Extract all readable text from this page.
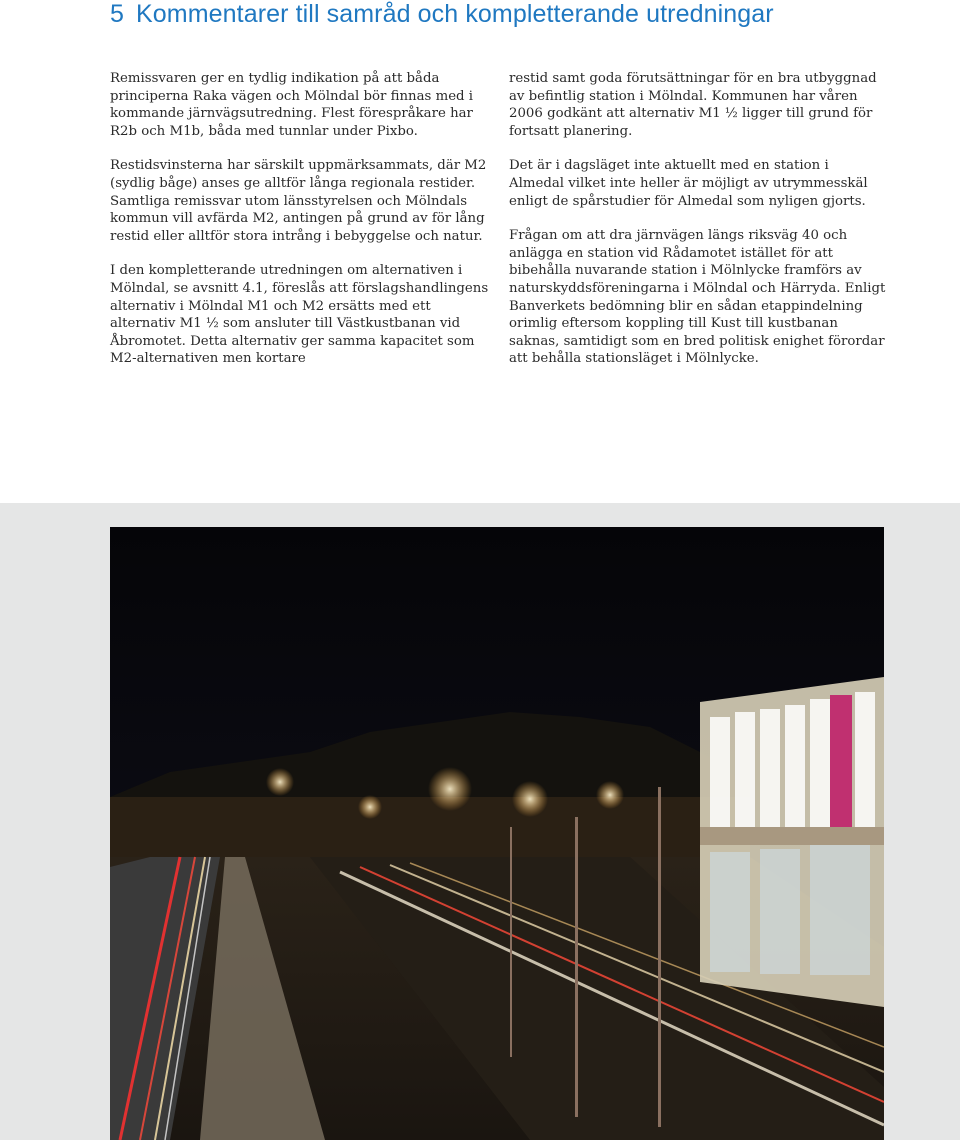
5 Kommentarer till samråd och kompletterande utredningar

Remissvaren ger en tydlig indikation på att båda principerna Raka vägen och Mölndal bör finnas med i kommande järnvägsutredning. Flest förespråkare har R2b och M1b, båda med tunnlar under Pixbo.

Restidsvinsterna har särskilt uppmärksammats, där M2 (sydlig båge) anses ge alltför långa regionala restider. Samtliga remissvar utom länsstyrelsen och Mölndals kommun vill avfärda M2, antingen på grund av för lång restid eller alltför stora intrång i bebyggelse och natur.

I den kompletterande utredningen om alternativen i Mölndal, se avsnitt 4.1, föreslås att förslagshandlingens alternativ i Mölndal M1 och M2 ersätts med ett alternativ M1 ½ som ansluter till Västkustbanan vid Åbromotet. Detta alternativ ger samma kapacitet som M2-alternativen men kortare

restid samt goda förutsättningar för en bra utbyggnad av befintlig station i Mölndal. Kommunen har våren 2006 godkänt att alternativ M1 ½ ligger till grund för fortsatt planering.

Det är i dagsläget inte aktuellt med en station i Almedal vilket inte heller är möjligt av utrymmesskäl enligt de spårstudier för Almedal som nyligen gjorts.

Frågan om att dra järnvägen längs riksväg 40 och anlägga en station vid Rådamotet istället för att bibehålla nuvarande station i Mölnlycke framförs av naturskyddsföreningarna i Mölndal och Härryda. Enligt Banverkets bedömning blir en sådan etappindelning orimlig eftersom koppling till Kust till kustbanan saknas, samtidigt som en bred politisk enighet förordar att behålla stationsläget i Mölnlycke.
